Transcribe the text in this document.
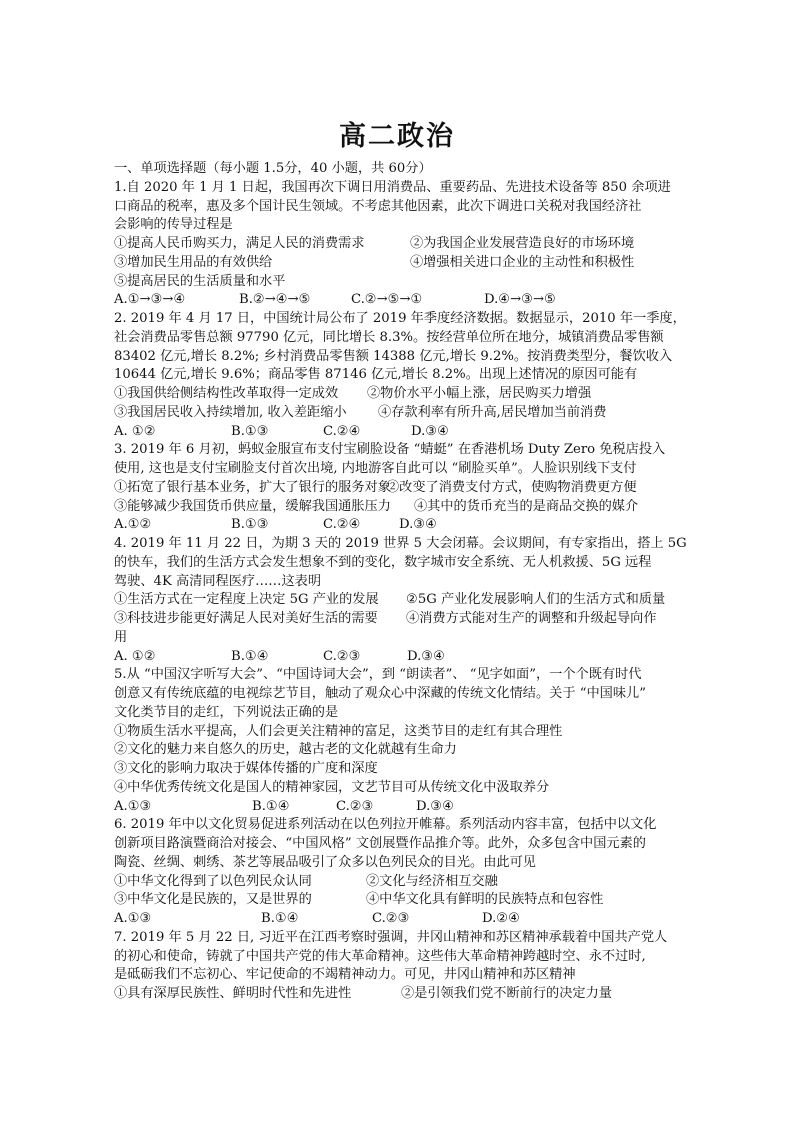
高二政治
一、单项选择题（每小题 1.5分，40 小题，共 60分）
1.自 2020 年 1 月 1 日起，我国再次下调日用消费品、重要药品、先进技术设备等 850 余项进
口商品的税率，惠及多个国计民生领域。不考虑其他因素，此次下调进口关税对我国经济社
会影响的传导过程是
①提高人民币购买力，满足人民的消费需求	②为我国企业发展营造良好的市场环境
③增加民生用品的有效供给	④增强相关进口企业的主动性和积极性
⑤提高居民的生活质量和水平
A.①→③→④	B.②→④→⑤	C.②→⑤→①	D.④→③→⑤
2. 2019 年 4 月 17 日，中国统计局公布了 2019 年季度经济数据。数据显示，2010 年一季度，
社会消费品零售总额 97790 亿元，同比增长 8.3%。按经营单位所在地分，城镇消费品零售额
83402 亿元,增长 8.2%; 乡村消费品零售额 14388 亿元,增长 9.2%。按消费类型分，餐饮收入
10644 亿元,增长 9.6%；商品零售 87146 亿元,增长 8.2%。出现上述情况的原因可能有
①我国供给侧结构性改革取得一定成效	②物价水平小幅上涨，居民购买力增强
③我国居民收入持续增加, 收入差距缩小	④存款利率有所升高,居民增加当前消费
A. ①②	B.①③	C.②④	D.③④
3. 2019 年 6 月初，蚂蚁金服宣布支付宝刷脸设备 “蜻蜓” 在香港机场 Duty Zero 免税店投入
使用, 这也是支付宝刷脸支付首次出境, 内地游客自此可以 “刷脸买单”。人脸识别线下支付
①拓宽了银行基本业务，扩大了银行的服务对象
②改变了消费支付方式，使购物消费更方便
③能够减少我国货币供应量，缓解我国通胀压力	④其中的货币充当的是商品交换的媒介
A.①②	B.①③	C.②④	D.③④
4. 2019 年 11 月 22 日，为期 3 天的 2019 世界 5 大会闭幕。会议期间，有专家指出，搭上 5G
的快车，我们的生活方式会发生想象不到的变化，数字城市安全系统、无人机救援、5G 远程
驾驶、4K 高清同程医疗……这表明
①生活方式在一定程度上决定 5G 产业的发展	②5G 产业化发展影响人们的生活方式和质量
③科技进步能更好满足人民对美好生活的需要	④消费方式能对生产的调整和升级起导向作
用
A. ①②	B.①④	C.②③	D.③④
5.从 “中国汉字听写大会”、“中国诗词大会”，到 “朗读者”、 “见字如面”，一个个既有时代
创意又有传统底蕴的电视综艺节目，触动了观众心中深藏的传统文化情结。关于 “中国味儿”
文化类节目的走红，下列说法正确的是
①物质生活水平提高，人们会更关注精神的富足，这类节目的走红有其合理性
②文化的魅力来自悠久的历史，越古老的文化就越有生命力
③文化的影响力取决于媒体传播的广度和深度
④中华优秀传统文化是国人的精神家园，文艺节目可从传统文化中汲取养分
A.①③	B.①④	C.②③	D.③④
6. 2019 年中以文化贸易促进系列活动在以色列拉开帷幕。系列活动内容丰富，包括中以文化
创新项目路演暨商洽对接会、“中国风格” 文创展暨作品推介等。此外，众多包含中国元素的
陶瓷、丝绸、刺绣、茶艺等展品吸引了众多以色列民众的目光。由此可见
①中华文化得到了以色列民众认同	②文化与经济相互交融
③中华文化是民族的，又是世界的	④中华文化具有鲜明的民族特点和包容性
A.①③	B.①④	C.②③	D.②④
7. 2019 年 5 月 22 日, 习近平在江西考察时强调，井冈山精神和苏区精神承载着中国共产党人
的初心和使命，铸就了中国共产党的伟大革命精神。这些伟大革命精神跨越时空、永不过时,
是砥砺我们不忘初心、牢记使命的不竭精神动力。可见，井冈山精神和苏区精神
①具有深厚民族性、鲜明时代性和先进性	②是引领我们党不断前行的决定力量
